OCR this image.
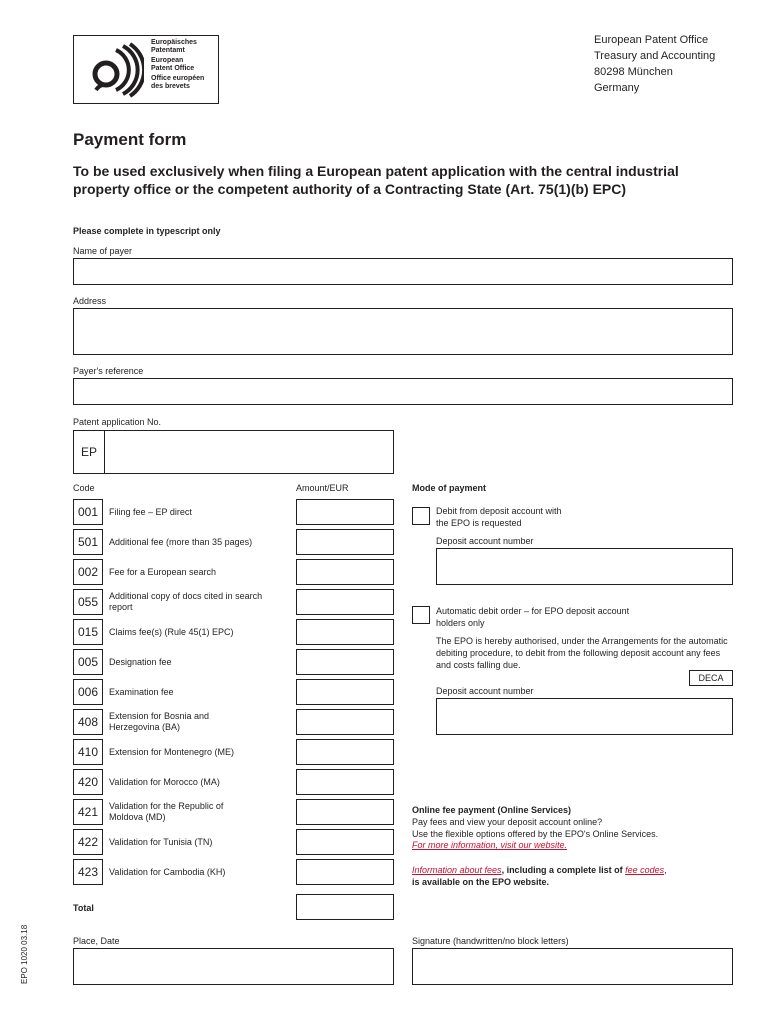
Europäisches
Patentamt
European
Patent Office
Office européen
des brevets
European Patent Office
Treasury and Accounting
80298 München
Germany
Payment form
To be used exclusively when filing a European patent application with the central industrial property office or the competent authority of a Contracting State (Art. 75(1)(b) EPC)
Please complete in typescript only
Name of payer
Address
Payer's reference
Patent application No.
EP
Code	Amount/EUR
001	Filing fee – EP direct
501	Additional fee (more than 35 pages)
002	Fee for a European search
055	Additional copy of docs cited in search report
015	Claims fee(s) (Rule 45(1) EPC)
005	Designation fee
006	Examination fee
408	Extension for Bosnia and Herzegovina (BA)
410	Extension for Montenegro (ME)
420	Validation for Morocco (MA)
421	Validation for the Republic of Moldova (MD)
422	Validation for Tunisia (TN)
423	Validation for Cambodia (KH)
Total
Mode of payment
Debit from deposit account with the EPO is requested
Deposit account number
Automatic debit order – for EPO deposit account holders only
The EPO is hereby authorised, under the Arrangements for the automatic debiting procedure, to debit from the following deposit account any fees and costs falling due.
DECA
Deposit account number
Online fee payment (Online Services)
Pay fees and view your deposit account online?
Use the flexible options offered by the EPO's Online Services.
For more information, visit our website.
Information about fees, including a complete list of fee codes,
is available on the EPO website.
Place, Date	Signature (handwritten/no block letters)
EPO 1020 03.18
